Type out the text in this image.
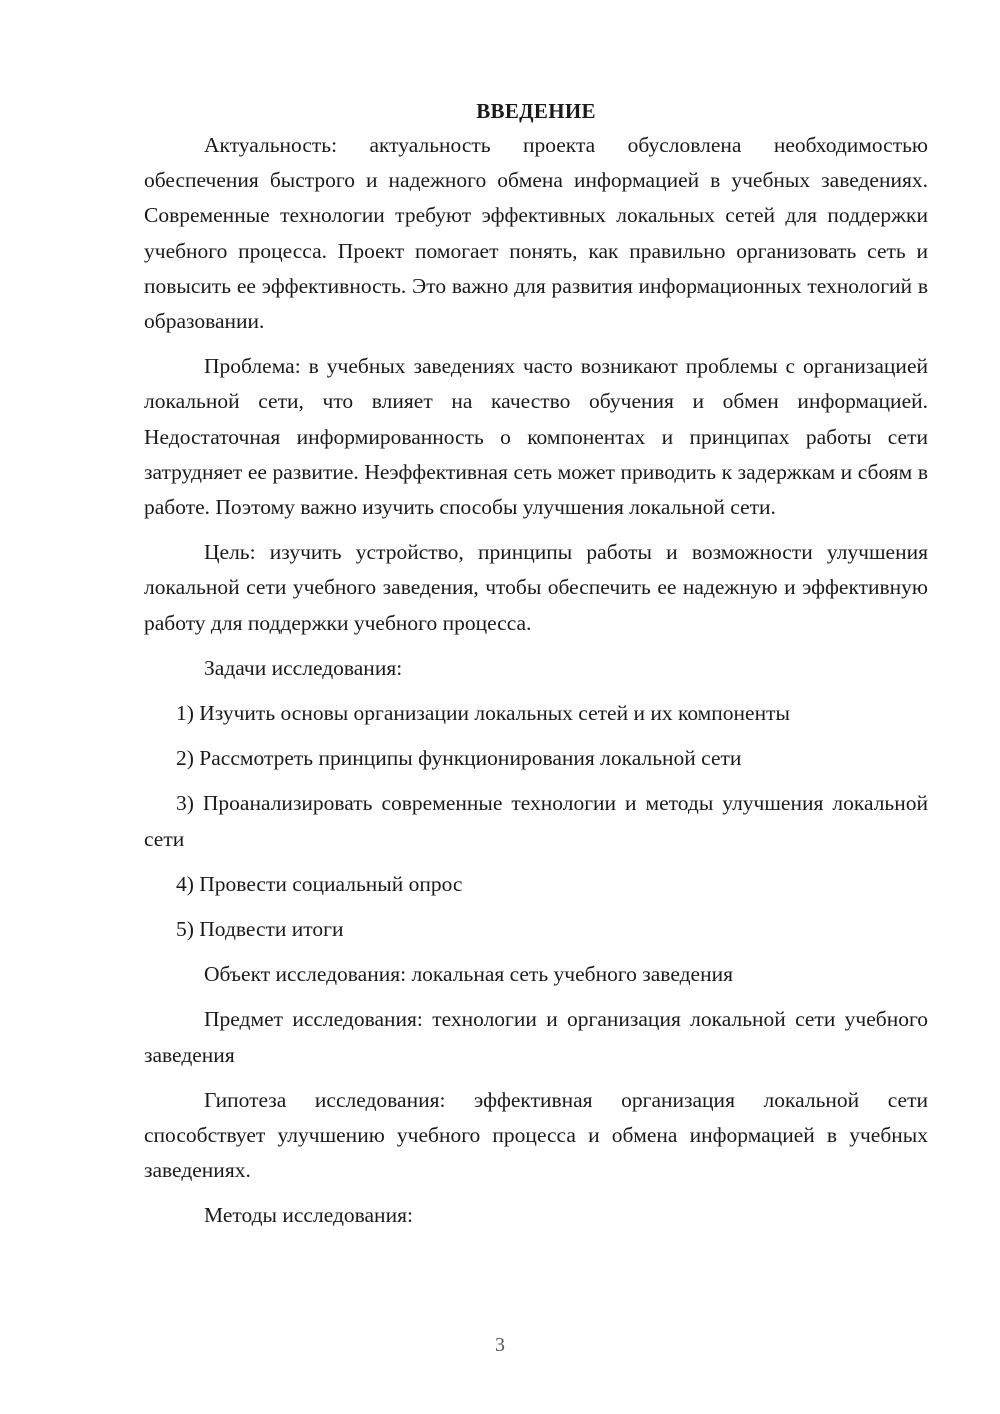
ВВЕДЕНИЕ

Актуальность: актуальность проекта обусловлена необходимостью обеспечения быстрого и надежного обмена информацией в учебных заведениях. Современные технологии требуют эффективных локальных сетей для поддержки учебного процесса. Проект помогает понять, как правильно организовать сеть и повысить ее эффективность. Это важно для развития информационных технологий в образовании.

Проблема: в учебных заведениях часто возникают проблемы с организацией локальной сети, что влияет на качество обучения и обмен информацией. Недостаточная информированность о компонентах и принципах работы сети затрудняет ее развитие. Неэффективная сеть может приводить к задержкам и сбоям в работе. Поэтому важно изучить способы улучшения локальной сети.

Цель: изучить устройство, принципы работы и возможности улучшения локальной сети учебного заведения, чтобы обеспечить ее надежную и эффективную работу для поддержки учебного процесса.

Задачи исследования:

1) Изучить основы организации локальных сетей и их компоненты

2) Рассмотреть принципы функционирования локальной сети

3) Проанализировать современные технологии и методы улучшения локальной сети

4) Провести социальный опрос

5) Подвести итоги

Объект исследования: локальная сеть учебного заведения

Предмет исследования: технологии и организация локальной сети учебного заведения

Гипотеза исследования: эффективная организация локальной сети способствует улучшению учебного процесса и обмена информацией в учебных заведениях.

Методы исследования:

3
